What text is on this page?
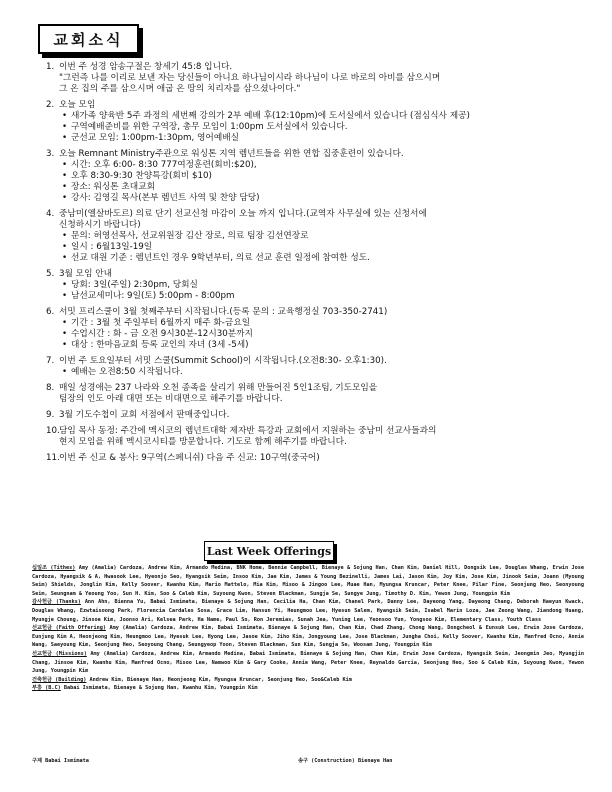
교회소식
1. 이번 주 성경 암송구절은 창세기 45:8 입니다.
"그런즉 나를 이리로 보낸 자는 당신들이 아니요 하나님이시라 하나님이 나로 바로의 아비를 삼으시며
그 온 집의 주를 삼으시며 애굽 온 땅의 치리자를 삼으셨나이다."
2. 오늘 모임
• 새가족 양육반 5주 과정의 세번째 강의가 2부 예배 후(12:10pm)에 도서실에서 있습니다 (점심식사 제공)
• 구역예배준비를 위한 구역장, 총무 모임이 1:00pm 도서실에서 있습니다.
• 군선교 모임: 1:00pm-1:30pm, 영어예배실
3. 오늘 Remnant Ministry주관으로 워싱톤 지역 렘넌트들을 위한 연합 집중훈련이 있습니다.
• 시간: 오후 6:00- 8:30 777여정훈련(회비:$20),
• 오후 8:30-9:30 찬양특강(회비 $10)
• 장소: 워싱톤 초대교회
• 강사: 김영길 목사(본부 렘넌트 사역 및 찬양 담당)
4. 중남미(엘살바도르) 의료 단기 선교신청 마감이 오늘 까지 입니다.(교역자 사무실에 있는 신청서에
신청하시기 바랍니다)
• 문의: 허영선목사, 선교위원장 김산 장로, 의료 팀장 김선연장로
• 일시 : 6월13일-19일
• 선교 대원 기준 : 렘넌트인 경우 9학년부터, 의료 선교 훈련 일정에 참여한 성도.
5. 3월 모임 안내
• 당회: 3일(주일) 2:30pm, 당회실
• 남선교세미나: 9일(토) 5:00pm - 8:00pm
6. 서밋 프리스쿨이 3월 첫째주부터 시작됩니다.(등록 문의 : 교육행정실 703-350-2741)
• 기간 : 3월 첫 주일부터 6월까지 매주 화-금요일
• 수업시간 : 화 - 금 오전 9시30분-12시30분까지
• 대상 : 한마음교회 등록 교인의 자녀 (3세 -5세)
7. 이번 주 토요일부터 서밋 스쿨(Summit School)이 시작됩니다.(오전8:30- 오후1:30).
• 예배는 오전8:50 시작됩니다.
8. 매일 성경애는 237 나라와 오천 종족을 살리기 위해 만들어진 5인1조팀, 기도모임을
팀장의 인도 아래 대면 또는 비대면으로 해주기를 바랍니다.
9. 3월 기도수첩이 교회 서점에서 판매중입니다.
10. 담임 목사 동정: 주간에 멕시코의 렘넌트대학 제자반 특강과 교회에서 지원하는 중남미 선교사들과의
현지 모임을 위해 멕시코시티를 방문합니다. 기도로 함께 해주기를 바랍니다.
11. 이번 주 신교 & 봉사: 9구역(스페니쉬) 다음 주 신교: 10구역(중국어)
Last Week Offerings

십일조 (Tithes) Amy (Amalia) Cardoza, Andrew Kim, Armando Medina, BNK Home, Bennie Campbell, Bienaye & Sojung Han, Chan Kim, Daniel Hill, Dongsik Lee, Douglas Whang, Erwin Jose Cardoza, Hyangsik & A, Hwasook Lee, Hyeonjo Seo, Hyangsik Seim, Insoo Kim, Jae Kim, James & Young Bezinelli, James Lai, Jason Kim, Joy Kim, Jose Kim, Jinook Seim, Joann (Myoung Seim) Shields, Jonglin Kim, Kelly Soover, Kwanhu Kim, Mario Mattelo, Mia Kim, Misoo & Jingoo Lee, Muae Han, Myungsa Kruncar, Peter Knee, Pilar Fine, Seonjung Heo, Seonyoung Seim, Seungnam & Yeoung Yoo, Sun H. Kim, Soo & Caleb Kim, Suyoung Kwon, Steven Blackman, Sungja Se, Sungye Jung, Timothy D. Kim, Yewon Jung, Youngpin Kim

감사헌금 (Thanks) Ann Ahn, Bienna Yu, Babai Ismimata, Bienaye & Sojung Han, Cecilia Ha, Chan Kim, Chanel Park, Danny Lee, Dayeong Yang, Dayeong Chang, Deborah Haeyun Kwack, Douglas Whang, Ezwtaisoong Park, Florencia Cardales Sosa, Grace Lim, Hansun Yi, Heungmoo Lee, Hyesun Salem, Hyangsik Seim, Isabel Marin Loza, Jae Zeong Wang, Jiandong Huang, Myungje Choung, Jinsoe Kim, Joonso Ari, Kelsea Park, Ha Name, Paul So, Ron Jeremias, Sunah Jea, Yuning Lee, Yeonsoo Yun, Yongsoo Kim, Elementary Class, Youth Class

선교헌금 (Faith Offering) Amy (Amalia) Cardoza, Andrew Kim, Babai Ismimata, Bienaye & Sojung Han, Chan Kim, Chad Zhang, Chong Wang, Dongcheol & Eunsuk Lee, Erwin Jose Cardoza, Eunjung Kim A, Heonjeong Kim, Heungmoo Lee, Hyesuk Lee, Hyong Lee, Jasoe Kim, Jiho Kim, Jongyoung Lee, Jose Blackman, Jungha Choi, Kelly Soover, Kwanhu Kim, Manfred Ocno, Annie Wang, Saeyoung Kim, Seonjung Heo, Seoyoung Chang, Seungyeop Yoon, Steven Blackman, Sun Kim, Sungja Se, Woosam Jung, Youngpin Kim

선교헌금 (Missions) Amy (Amalia) Cardoza, Andrew Kim, Armando Medina, Babai Ismimata, Bienaye & Sojung Han, Chan Kim, Erwin Jose Cardoza, Hyangsik Seim, Jeongmin Jeo, Myungjin Chang, Jinsoe Kim, Kwanhu Kim, Manfred Ocno, Misoo Lee, Namwoo Kim & Gary Cooke, Annie Wang, Peter Knee, Reynaldo Garcia, Seonjung Heo, Soo & Caleb Kim, Suyoung Kwon, Yewon Jung, Youngpin Kim

건축헌금 (Building) Andrew Kim, Bienaye Han, Heonjeong Kim, Myungsa Kruncar, Seonjung Heo, Soo&Caleb Kim

부흥 (B.C) Babai Ismimata, Bienaye & Sojung Han, Kwanhu Kim, Youngpin Kim

구제 Babai Ismimata	송구 (Construction) Bienaye Han
